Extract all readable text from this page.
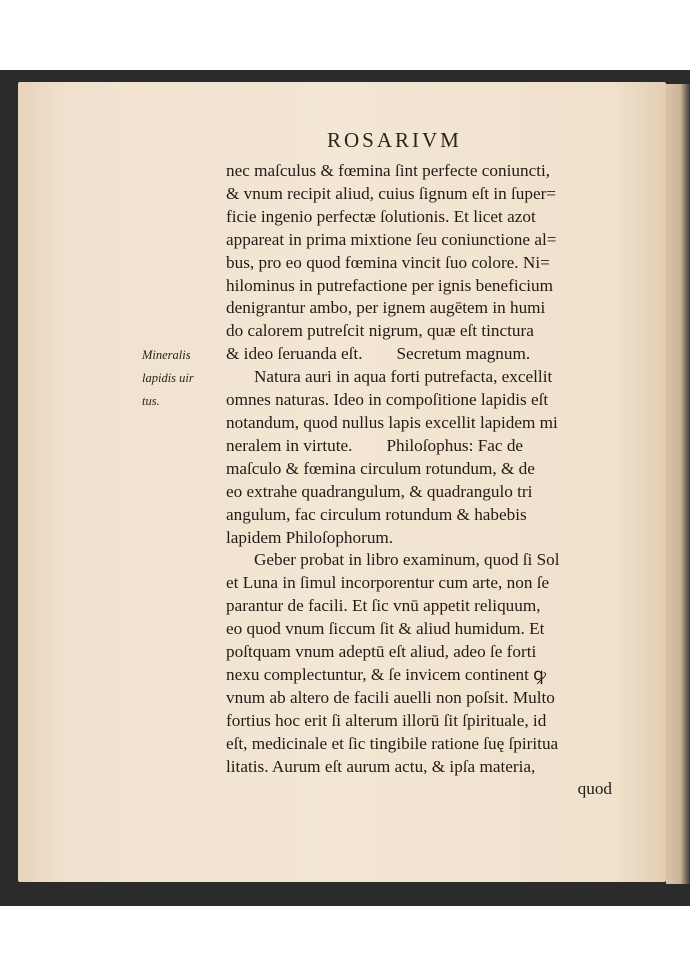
ROSARIVM
Mineralis
lapidis uir
tus.
nec maſculus & fœmina ſint perfecte coniuncti,
& vnum recipit aliud, cuius ſignum eſt in ſuper=
ficie ingenio perfectæ ſolutionis. Et licet azot
appareat in prima mixtione ſeu coniunctione al=
bus, pro eo quod fœmina vincit ſuo colore. Ni=
hilominus in putrefactione per ignis beneficium
denigrantur ambo, per ignem augētem in humi
do calorem putreſcit nigrum, quæ eſt tinctura
& ideo ſeruanda eſt. Secretum magnum.
Natura auri in aqua forti putrefacta, excellit
omnes naturas. Ideo in compoſitione lapidis eſt
notandum, quod nullus lapis excellit lapidem mi
neralem in virtute. Philoſophus: Fac de
maſculo & fœmina circulum rotundum, & de
eo extrahe quadrangulum, & quadrangulo tri
angulum, fac circulum rotundum & habebis
lapidem Philoſophorum.
Geber probat in libro examinum, quod ſi Sol
et Luna in ſimul incorporentur cum arte, non ſe
parantur de facili. Et ſic vnū appetit reliquum,
eo quod vnum ſiccum ſit & aliud humidum. Et
poſtquam vnum adeptū eſt aliud, adeo ſe forti
nexu complectuntur, & ſe invicem continent ꝙ
vnum ab altero de facili auelli non poſsit. Multo
fortius hoc erit ſi alterum illorū ſit ſpirituale, id
eſt, medicinale et ſic tingibile ratione ſuę ſpiritua
litatis. Aurum eſt aurum actu, & ipſa materia,
quod
